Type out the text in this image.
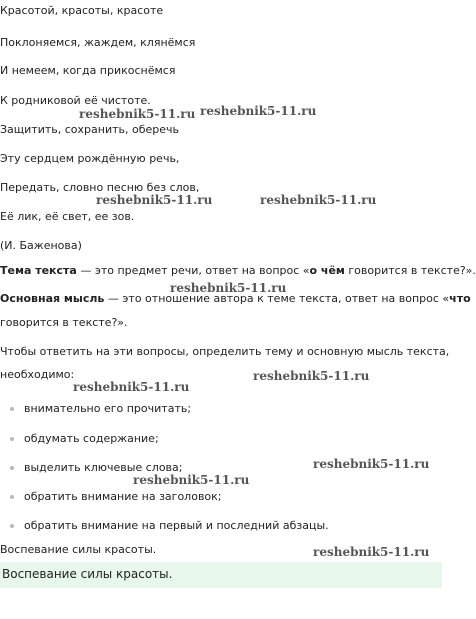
Красотой, красоты, красоте
Поклоняемся, жаждем, клянёмся
И немеем, когда прикоснёмся
К родниковой её чистоте.
Защитить, сохранить, оберечь
Эту сердцем рождённую речь,
Передать, словно песню без слов,
Её лик, её свет, ее зов.
(И. Баженова)
Тема текста — это предмет речи, ответ на вопрос «о чём говорится в тексте?».
Основная мысль — это отношение автора к теме текста, ответ на вопрос «что
говорится в тексте?».
Чтобы ответить на эти вопросы, определить тему и основную мысль текста,
необходимо:
внимательно его прочитать;
обдумать содержание;
выделить ключевые слова;
обратить внимание на заголовок;
обратить внимание на первый и последний абзацы.
Воспевание силы красоты.
Воспевание силы красоты.
reshebnik5-11.ru
reshebnik5-11.ru
reshebnik5-11.ru	reshebnik5-11.ru
reshebnik5-11.ru
reshebnik5-11.ru
reshebnik5-11.ru
reshebnik5-11.ru
reshebnik5-11.ru
reshebnik5-11.ru
